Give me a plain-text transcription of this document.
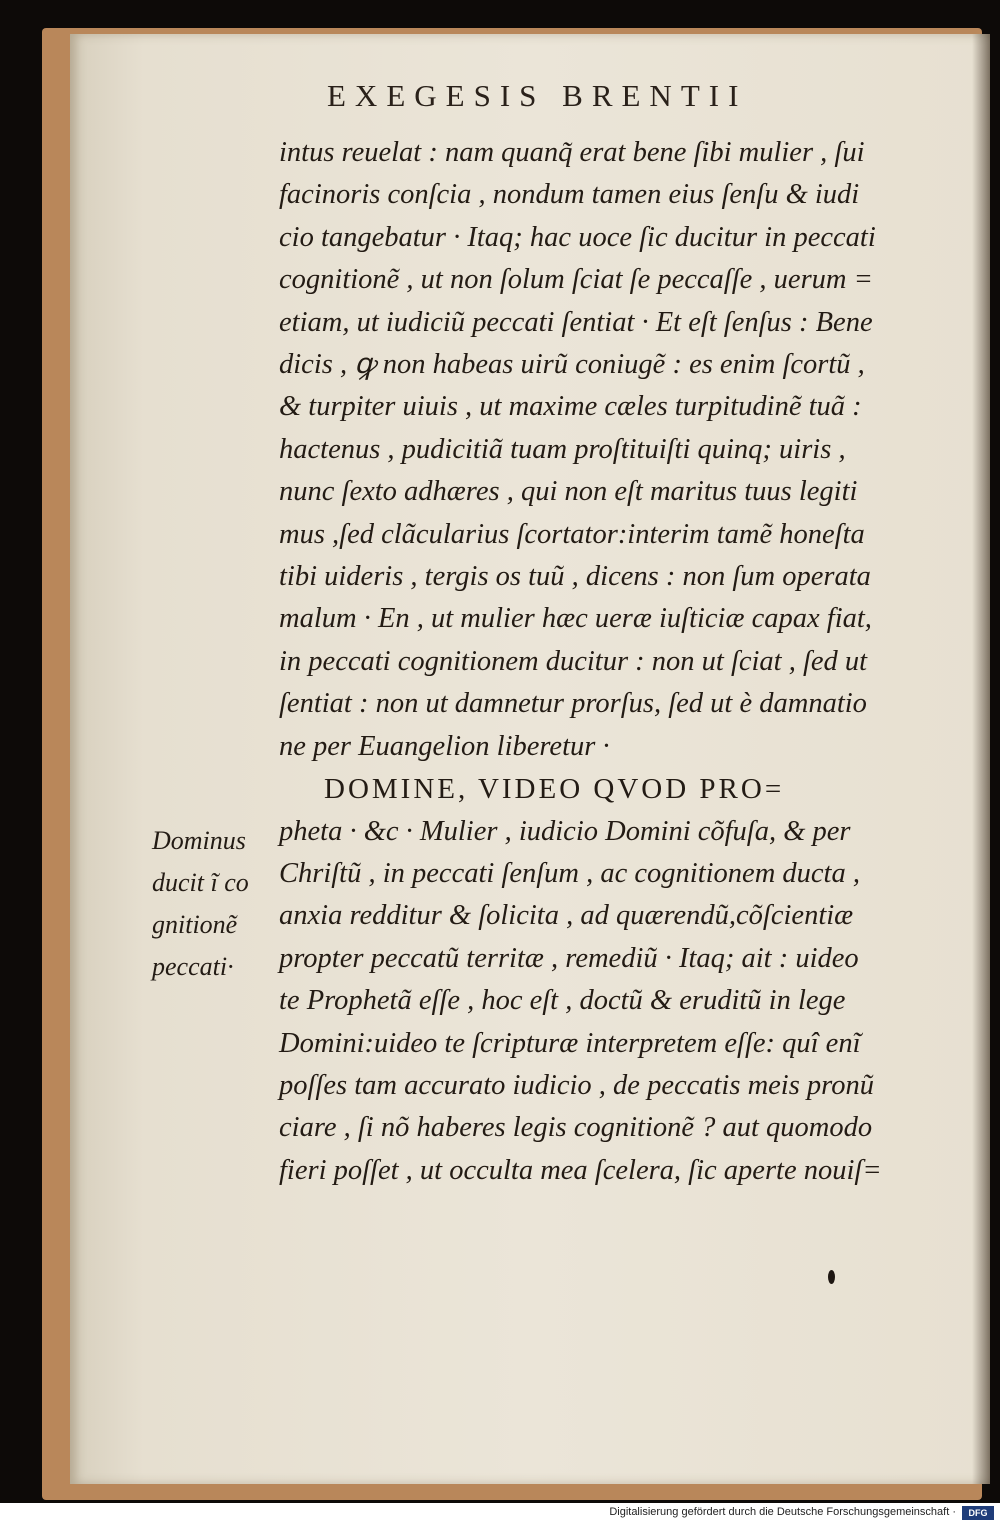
EXEGESIS BRENTII
intus reuelat : nam quanq̃ erat bene ſibi mulier , ſui
facinoris conſcia , nondum tamen eius ſenſu & iudi
cio tangebatur · Itaq; hac uoce ſic ducitur in peccati
cognitionẽ , ut non ſolum ſciat ſe peccaſſe , uerum =
etiam, ut iudiciũ peccati ſentiat · Et eſt ſenſus : Bene
dicis , ꝙ non habeas uirũ coniugẽ : es enim ſcortũ ,
& turpiter uiuis , ut maxime cæles turpitudinẽ tuã :
hactenus , pudicitiã tuam proſtituiſti quinq; uiris ,
nunc ſexto adhæres , qui non eſt maritus tuus legiti
mus ,ſed clãcularius ſcortator:interim tamẽ honeſta
tibi uideris , tergis os tuũ , dicens : non ſum operata
malum · En , ut mulier hæc ueræ iuſticiæ capax fiat,
in peccati cognitionem ducitur : non ut ſciat , ſed ut
ſentiat : non ut damnetur prorſus, ſed ut è damnatio
ne per Euangelion liberetur ·
DOMINE, VIDEO QVOD PRO=
pheta · &c · Mulier , iudicio Domini cõfuſa, & per
Chriſtũ , in peccati ſenſum , ac cognitionem ducta ,
anxia redditur & ſolicita , ad quærendũ,cõſcientiæ
propter peccatũ territæ , remediũ · Itaq; ait : uideo
te Prophetã eſſe , hoc eſt , doctũ & eruditũ in lege
Domini:uideo te ſcripturæ interpretem eſſe: quî enĩ
poſſes tam accurato iudicio , de peccatis meis pronũ
ciare , ſi nõ haberes legis cognitionẽ ? aut quomodo
fieri poſſet , ut occulta mea ſcelera, ſic aperte nouiſ=
Dominus
ducit ĩ co
gnitionẽ
peccati·
Digitalisierung gefördert durch die Deutsche Forschungsgemeinschaft ·	DFG
